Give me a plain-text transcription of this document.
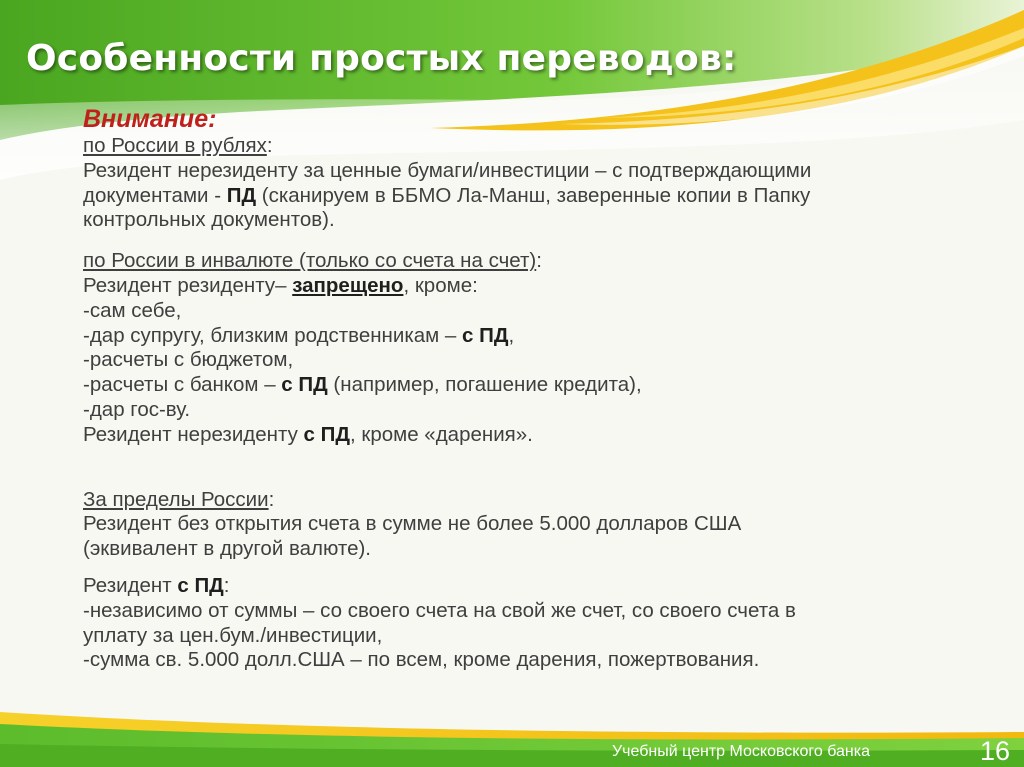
Особенности простых переводов:
Внимание:
по России в рублях:
Резидент нерезиденту за ценные бумаги/инвестиции – с подтверждающими
документами - ПД (сканируем в ББМО Ла-Манш, заверенные копии в Папку
контрольных документов).
по России в инвалюте (только со счета на счет):
Резидент резиденту– запрещено, кроме:
-сам себе,
-дар супругу, близким родственникам – с ПД,
-расчеты с бюджетом,
-расчеты с банком – с ПД (например, погашение кредита),
-дар гос-ву.
Резидент нерезиденту с ПД, кроме «дарения».
За пределы России:
Резидент без открытия счета в сумме не более 5.000 долларов США
(эквивалент в другой валюте).
Резидент с ПД:
-независимо от суммы – со своего счета на свой же счет, со своего счета в
уплату за цен.бум./инвестиции,
-сумма св. 5.000 долл.США – по всем, кроме дарения, пожертвования.
Учебный центр Московского банка	16
